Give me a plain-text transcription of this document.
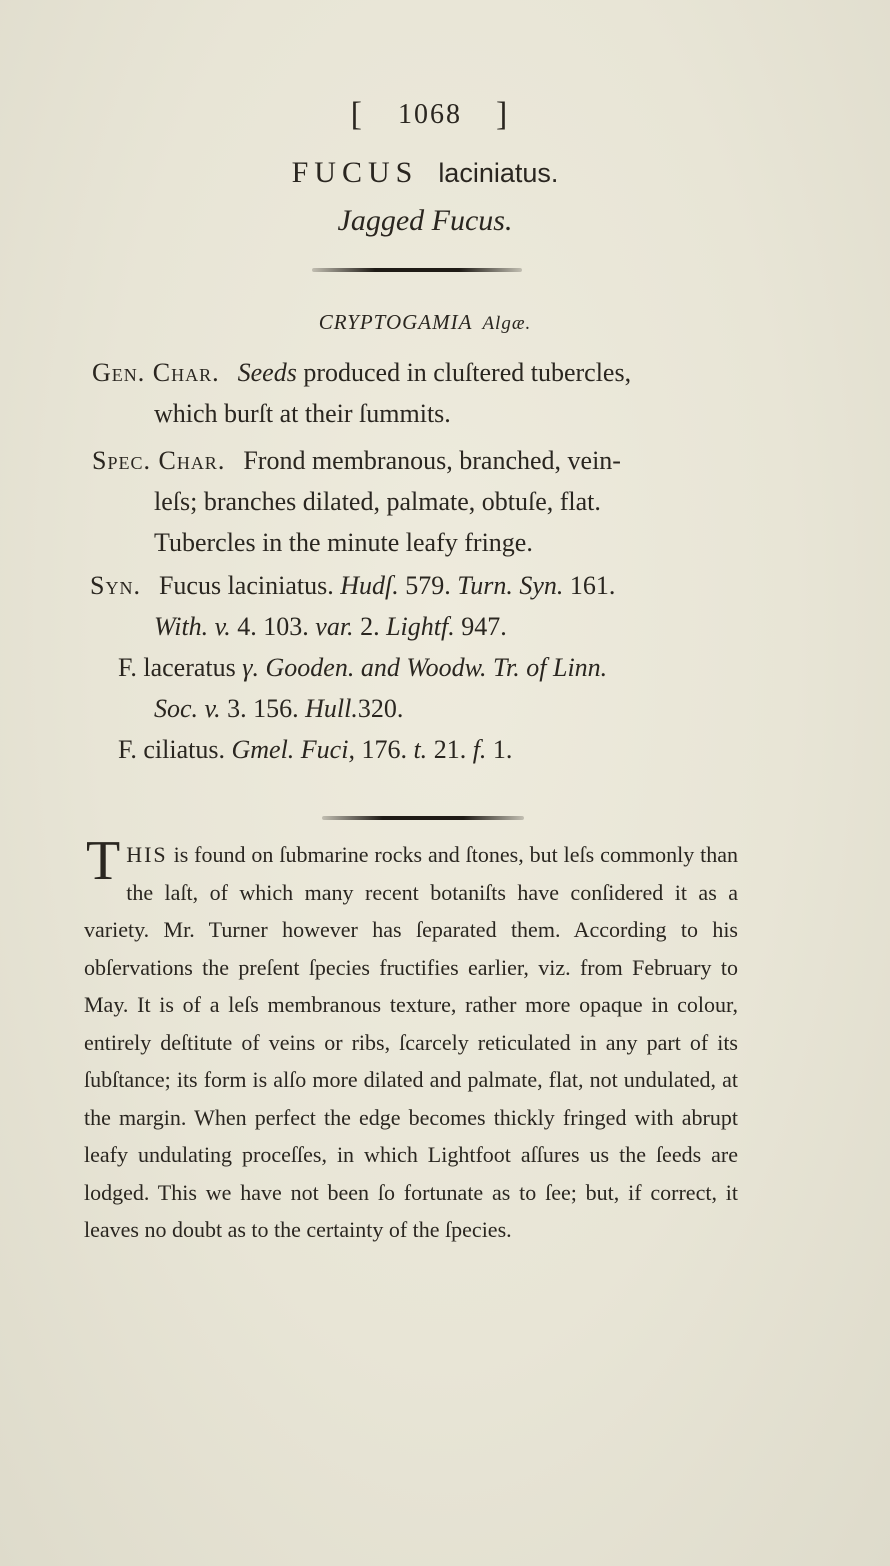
[ 1068 ]
FUCUS laciniatus.
Jagged Fucus.
CRYPTOGAMIA Algæ.
Gen. Char. Seeds produced in cluſtered tubercles,
which burſt at their ſummits.
Spec. Char. Frond membranous, branched, vein-
leſs; branches dilated, palmate, obtuſe, flat.
Tubercles in the minute leafy fringe.
Syn. Fucus laciniatus. Hudſ. 579. Turn. Syn. 161.
With. v. 4. 103. var. 2. Lightf. 947.
F. laceratus γ. Gooden. and Woodw. Tr. of Linn.
Soc. v. 3. 156. Hull.320.
F. ciliatus. Gmel. Fuci, 176. t. 21. f. 1.

THIS is found on ſubmarine rocks and ſtones, but leſs commonly than the laſt, of which many recent botaniſts have conſidered it as a variety. Mr. Turner however has ſeparated them. According to his obſervations the preſent ſpecies fructifies earlier, viz. from February to May. It is of a leſs membranous texture, rather more opaque in colour, entirely deſtitute of veins or ribs, ſcarcely reticulated in any part of its ſubſtance; its form is alſo more dilated and palmate, flat, not undulated, at the margin. When perfect the edge becomes thickly fringed with abrupt leafy undulating proceſſes, in which Lightfoot aſſures us the ſeeds are lodged. This we have not been ſo fortunate as to ſee; but, if correct, it leaves no doubt as to the certainty of the ſpecies.
